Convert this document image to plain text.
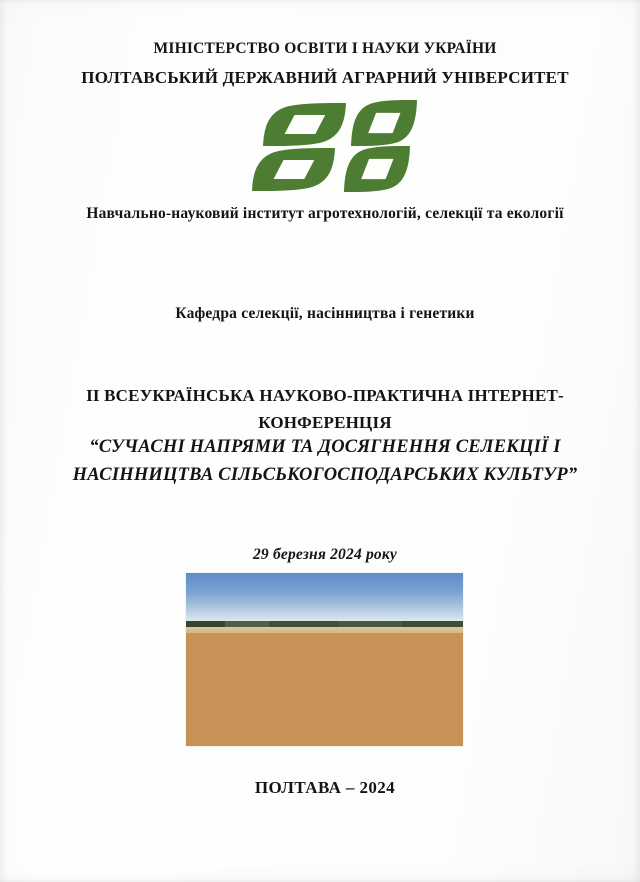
МІНІСТЕРСТВО ОСВІТИ І НАУКИ УКРАЇНИ
ПОЛТАВСЬКИЙ ДЕРЖАВНИЙ АГРАРНИЙ УНІВЕРСИТЕТ
Навчально-науковий інститут агротехнологій, селекції та екології
Кафедра селекції, насінництва і генетики
ІІ ВСЕУКРАЇНСЬКА НАУКОВО-ПРАКТИЧНА ІНТЕРНЕТ-
КОНФЕРЕНЦІЯ
“СУЧАСНІ НАПРЯМИ ТА ДОСЯГНЕННЯ СЕЛЕКЦІЇ І
НАСІННИЦТВА СІЛЬСЬКОГОСПОДАРСЬКИХ КУЛЬТУР”
29 березня 2024 року
ПОЛТАВА – 2024
